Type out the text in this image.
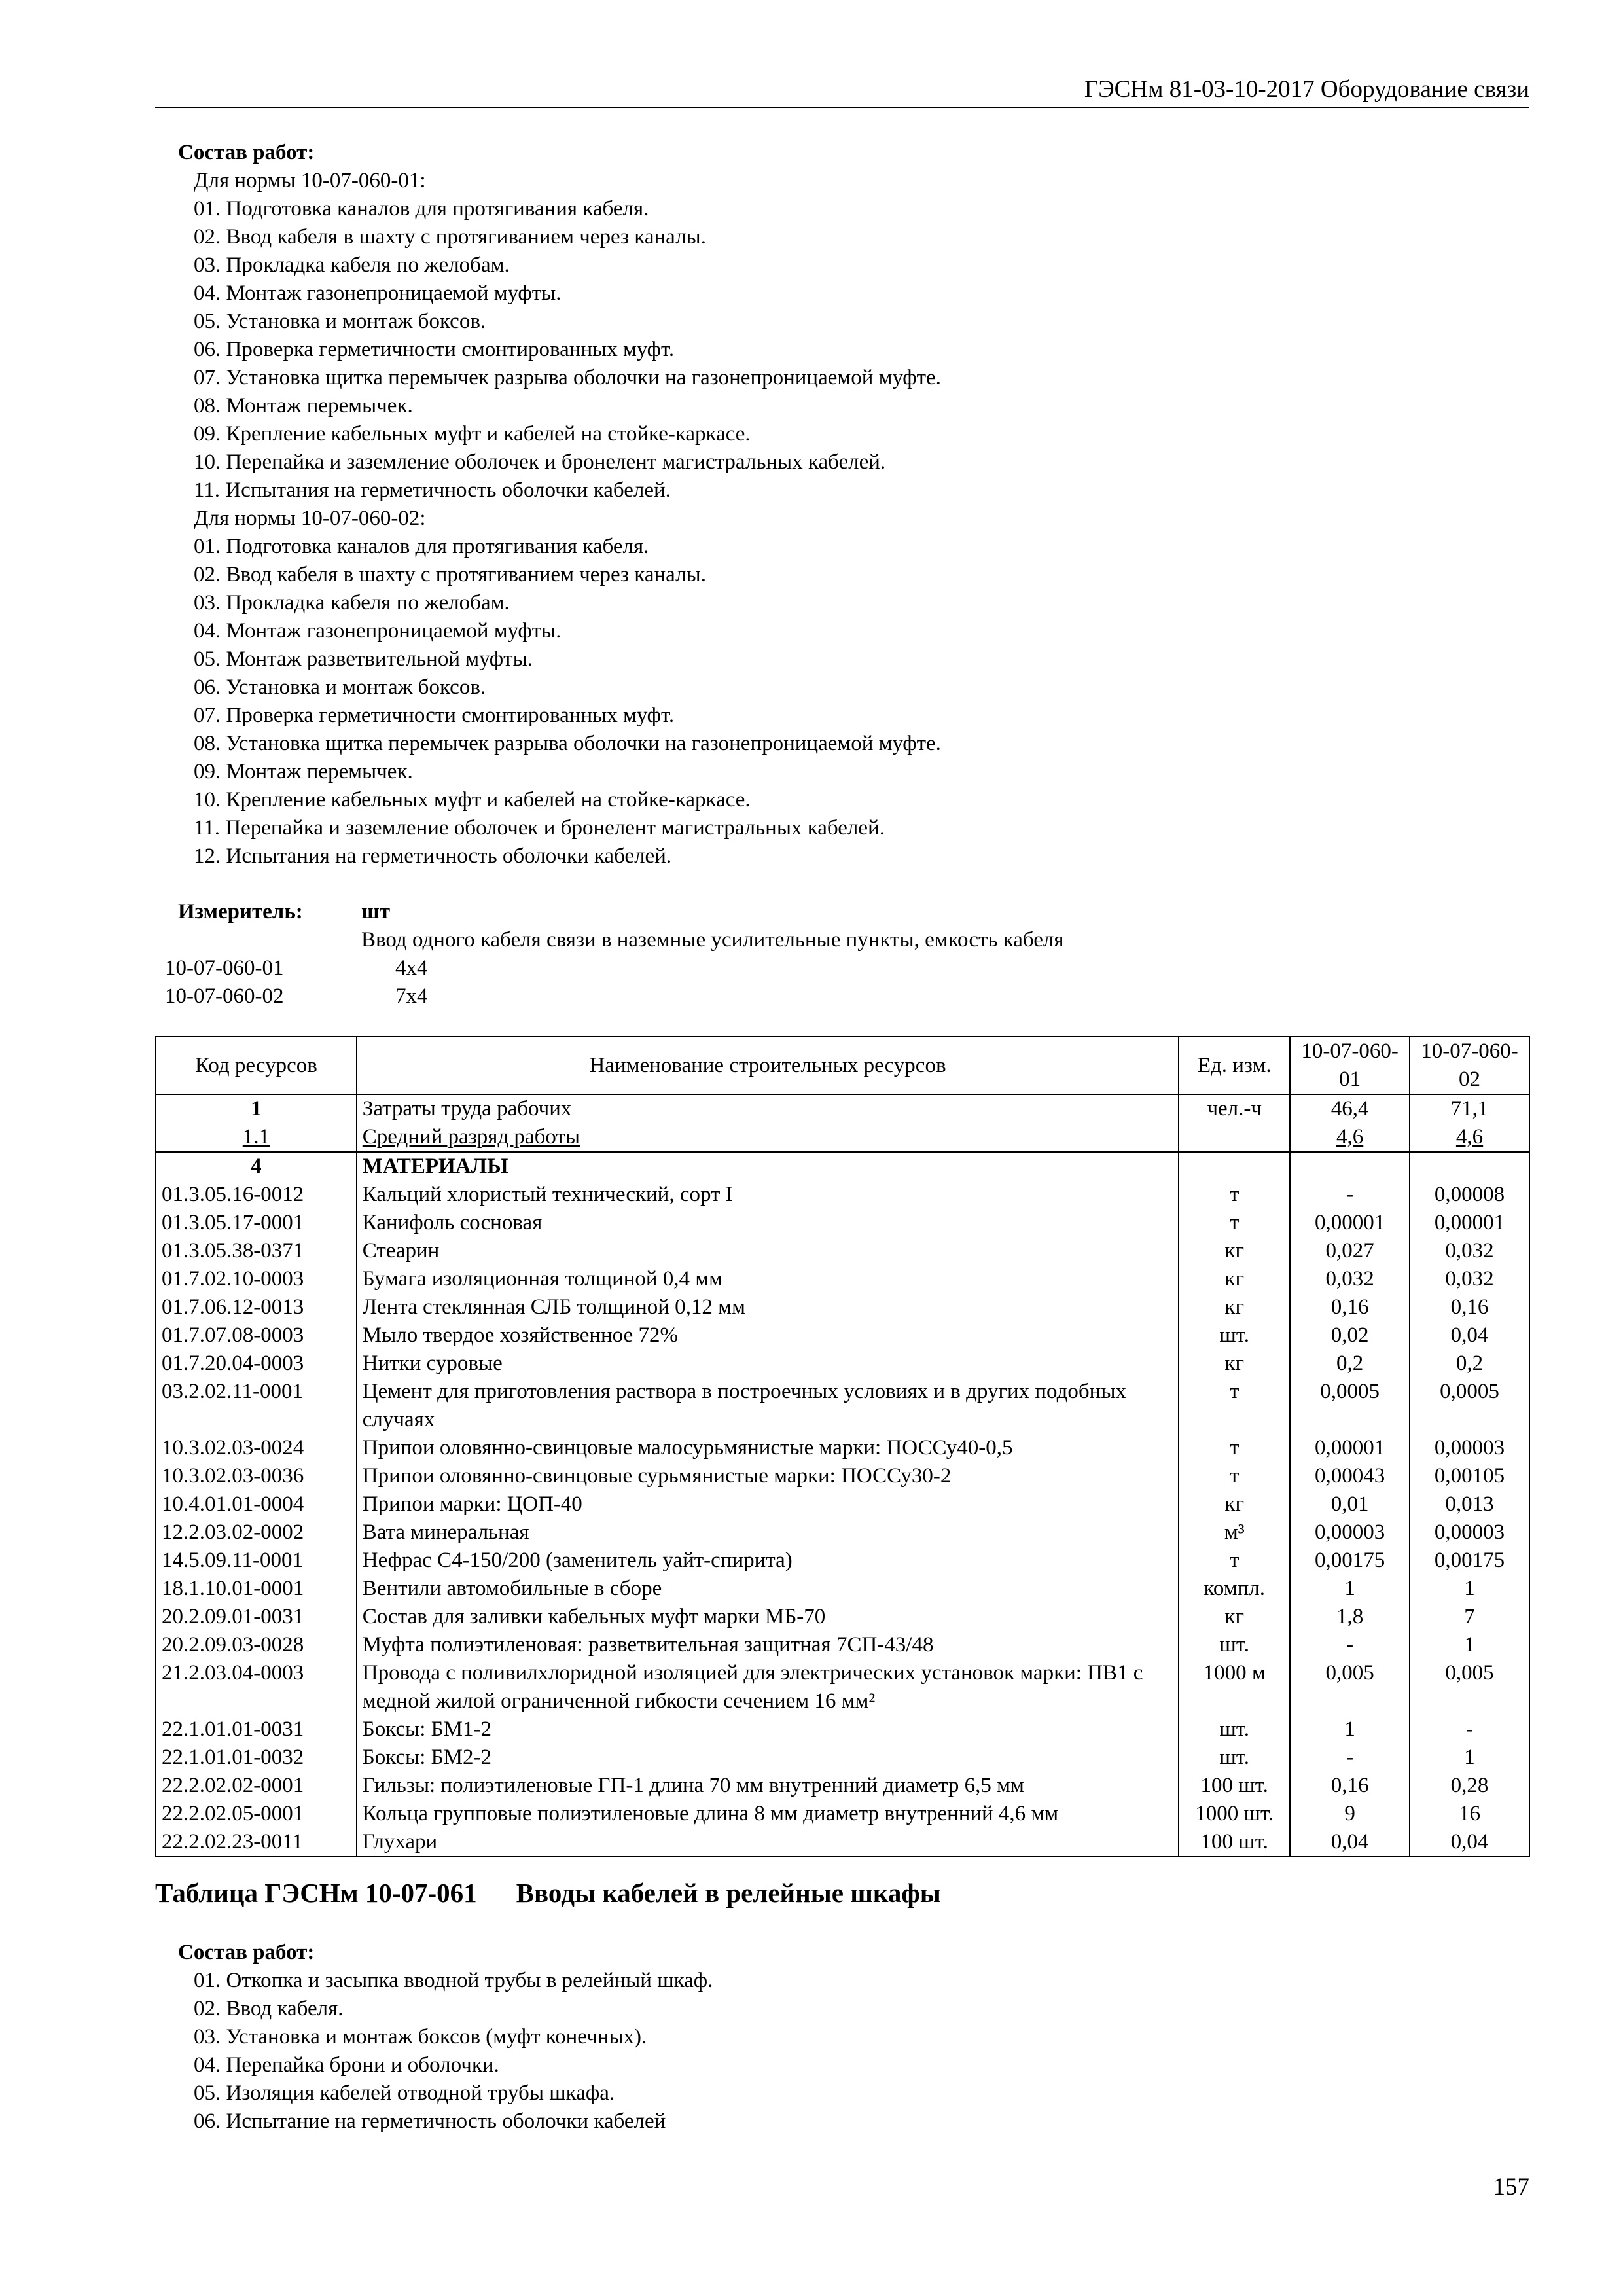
ГЭСНм 81-03-10-2017 Оборудование связи
Состав работ:
Для нормы 10-07-060-01:
01. Подготовка каналов для протягивания кабеля.
02. Ввод кабеля в шахту с протягиванием через каналы.
03. Прокладка кабеля по желобам.
04. Монтаж газонепроницаемой муфты.
05. Установка и монтаж боксов.
06. Проверка герметичности смонтированных муфт.
07. Установка щитка перемычек разрыва оболочки на газонепроницаемой муфте.
08. Монтаж перемычек.
09. Крепление кабельных муфт и кабелей на стойке-каркасе.
10. Перепайка и заземление оболочек и бронелент магистральных кабелей.
11. Испытания на герметичность оболочки кабелей.
Для нормы 10-07-060-02:
01. Подготовка каналов для протягивания кабеля.
02. Ввод кабеля в шахту с протягиванием через каналы.
03. Прокладка кабеля по желобам.
04. Монтаж газонепроницаемой муфты.
05. Монтаж разветвительной муфты.
06. Установка и монтаж боксов.
07. Проверка герметичности смонтированных муфт.
08. Установка щитка перемычек разрыва оболочки на газонепроницаемой муфте.
09. Монтаж перемычек.
10. Крепление кабельных муфт и кабелей на стойке-каркасе.
11. Перепайка и заземление оболочек и бронелент магистральных кабелей.
12. Испытания на герметичность оболочки кабелей.
Измеритель:	шт
Ввод одного кабеля связи в наземные усилительные пункты, емкость кабеля
10-07-060-01	4х4
10-07-060-02	7х4
Код ресурсов	Наименование строительных ресурсов	Ед. изм.	10-07-060-01	10-07-060-02
1	Затраты труда рабочих	чел.-ч	46,4	71,1
1.1	Средний разряд работы		4,6	4,6
4	МАТЕРИАЛЫ			
01.3.05.16-0012	Кальций хлористый технический, сорт I	т	-	0,00008
01.3.05.17-0001	Канифоль сосновая	т	0,00001	0,00001
01.3.05.38-0371	Стеарин	кг	0,027	0,032
01.7.02.10-0003	Бумага изоляционная толщиной 0,4 мм	кг	0,032	0,032
01.7.06.12-0013	Лента стеклянная СЛБ толщиной 0,12 мм	кг	0,16	0,16
01.7.07.08-0003	Мыло твердое хозяйственное 72%	шт.	0,02	0,04
01.7.20.04-0003	Нитки суровые	кг	0,2	0,2
03.2.02.11-0001	Цемент для приготовления раствора в построечных условиях и в других подобных случаях	т	0,0005	0,0005
10.3.02.03-0024	Припои оловянно-свинцовые малосурьмянистые марки: ПОССу40-0,5	т	0,00001	0,00003
10.3.02.03-0036	Припои оловянно-свинцовые сурьмянистые марки: ПОССу30-2	т	0,00043	0,00105
10.4.01.01-0004	Припои марки: ЦОП-40	кг	0,01	0,013
12.2.03.02-0002	Вата минеральная	м³	0,00003	0,00003
14.5.09.11-0001	Нефрас С4-150/200 (заменитель уайт-спирита)	т	0,00175	0,00175
18.1.10.01-0001	Вентили автомобильные в сборе	компл.	1	1
20.2.09.01-0031	Состав для заливки кабельных муфт марки МБ-70	кг	1,8	7
20.2.09.03-0028	Муфта полиэтиленовая: разветвительная защитная 7СП-43/48	шт.	-	1
21.2.03.04-0003	Провода с поливилхлоридной изоляцией для электрических установок марки: ПВ1 с медной жилой ограниченной гибкости сечением 16 мм²	1000 м	0,005	0,005
22.1.01.01-0031	Боксы: БМ1-2	шт.	1	-
22.1.01.01-0032	Боксы: БМ2-2	шт.	-	1
22.2.02.02-0001	Гильзы: полиэтиленовые ГП-1 длина 70 мм внутренний диаметр 6,5 мм	100 шт.	0,16	0,28
22.2.02.05-0001	Кольца групповые полиэтиленовые длина 8 мм диаметр внутренний 4,6 мм	1000 шт.	9	16
22.2.02.23-0011	Глухари	100 шт.	0,04	0,04
Таблица ГЭСНм 10-07-061 Вводы кабелей в релейные шкафы
Состав работ:
01. Откопка и засыпка вводной трубы в релейный шкаф.
02. Ввод кабеля.
03. Установка и монтаж боксов (муфт конечных).
04. Перепайка брони и оболочки.
05. Изоляция кабелей отводной трубы шкафа.
06. Испытание на герметичность оболочки кабелей
157
